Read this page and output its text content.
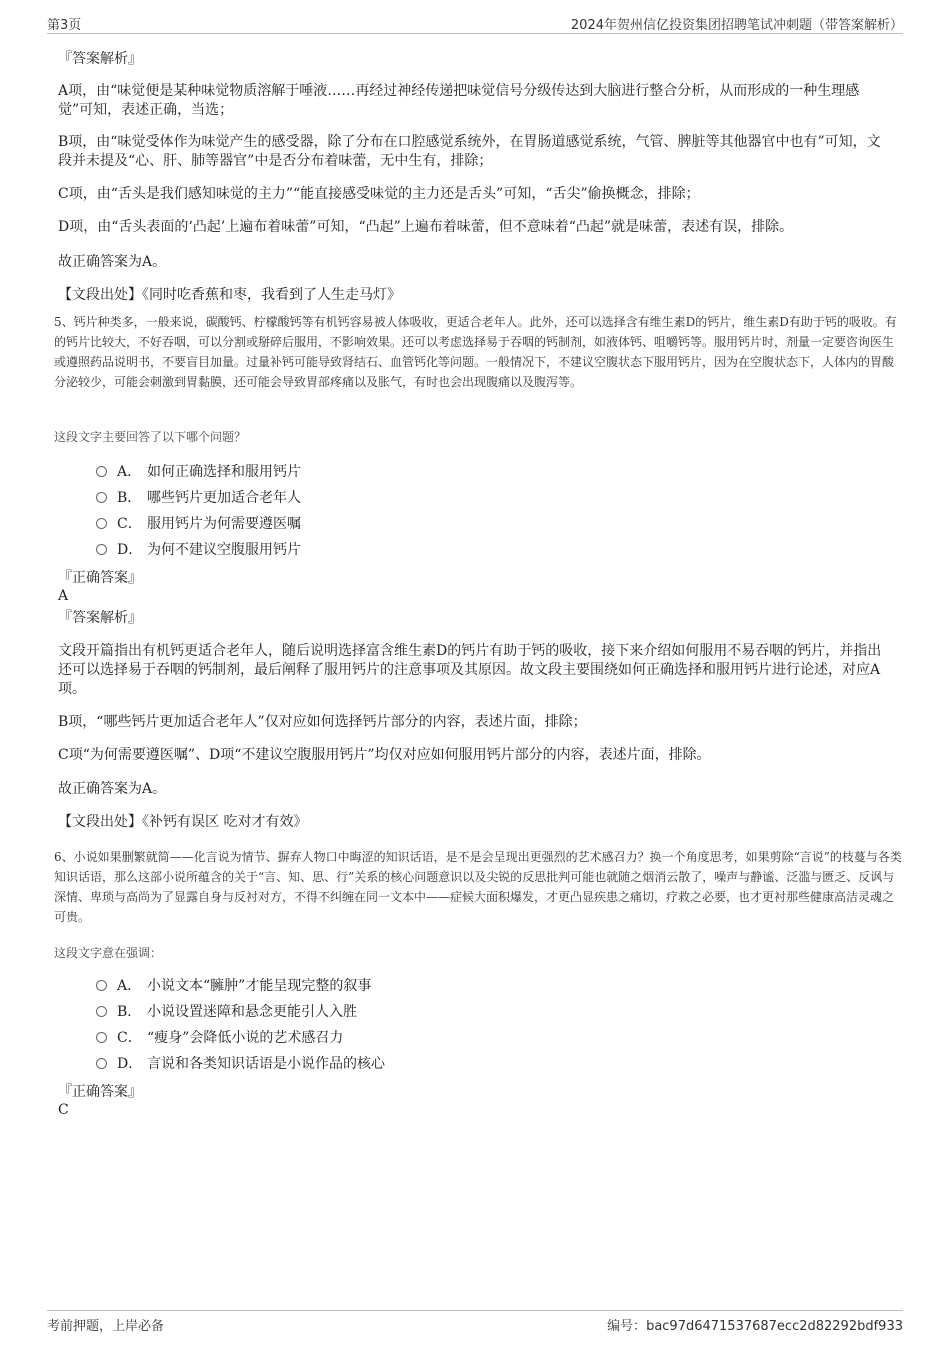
第3页	2024年贺州信亿投资集团招聘笔试冲刺题（带答案解析）

『答案解析』

A项，由“味觉便是某种味觉物质溶解于唾液……再经过神经传递把味觉信号分级传达到大脑进行整合分析，从而形成的一种生理感觉”可知，表述正确，当选；

B项，由“味觉受体作为味觉产生的感受器，除了分布在口腔感觉系统外，在胃肠道感觉系统，气管、脾脏等其他器官中也有”可知，文段并未提及“心、肝、肺等器官”中是否分布着味蕾，无中生有，排除；

C项，由“舌头是我们感知味觉的主力”“能直接感受味觉的主力还是舌头”可知，“舌尖”偷换概念，排除；

D项，由“舌头表面的‘凸起’上遍布着味蕾”可知，“凸起”上遍布着味蕾，但不意味着“凸起”就是味蕾，表述有误，排除。

故正确答案为A。

【文段出处】《同时吃香蕉和枣，我看到了人生走马灯》

5、钙片种类多，一般来说，碳酸钙、柠檬酸钙等有机钙容易被人体吸收，更适合老年人。此外，还可以选择含有维生素D的钙片，维生素D有助于钙的吸收。有的钙片比较大，不好吞咽，可以分割或掰碎后服用，不影响效果。还可以考虑选择易于吞咽的钙制剂，如液体钙、咀嚼钙等。服用钙片时，剂量一定要咨询医生或遵照药品说明书，不要盲目加量。过量补钙可能导致肾结石、血管钙化等问题。一般情况下，不建议空腹状态下服用钙片，因为在空腹状态下，人体内的胃酸分泌较少，可能会刺激到胃黏膜，还可能会导致胃部疼痛以及胀气，有时也会出现腹痛以及腹泻等。

这段文字主要回答了以下哪个问题？

A． 如何正确选择和服用钙片
B． 哪些钙片更加适合老年人
C． 服用钙片为何需要遵医嘱
D． 为何不建议空腹服用钙片

『正确答案』

A

『答案解析』

文段开篇指出有机钙更适合老年人，随后说明选择富含维生素D的钙片有助于钙的吸收，接下来介绍如何服用不易吞咽的钙片，并指出还可以选择易于吞咽的钙制剂，最后阐释了服用钙片的注意事项及其原因。故文段主要围绕如何正确选择和服用钙片进行论述，对应A项。

B项，“哪些钙片更加适合老年人”仅对应如何选择钙片部分的内容，表述片面，排除；

C项“为何需要遵医嘱”、D项“不建议空腹服用钙片”均仅对应如何服用钙片部分的内容，表述片面，排除。

故正确答案为A。

【文段出处】《补钙有误区 吃对才有效》

6、小说如果删繁就简——化言说为情节、摒弃人物口中晦涩的知识话语，是不是会呈现出更强烈的艺术感召力？换一个角度思考，如果剪除“言说”的枝蔓与各类知识话语，那么这部小说所蕴含的关于“言、知、思、行”关系的核心问题意识以及尖锐的反思批判可能也就随之烟消云散了，噪声与静谧、泛滥与匮乏、反讽与深情、卑琐与高尚为了显露自身与反衬对方，不得不纠缠在同一文本中——症候大面积爆发，才更凸显疾患之痛切，疗救之必要，也才更衬那些健康高洁灵魂之可贵。

这段文字意在强调：

A． 小说文本“臃肿”才能呈现完整的叙事
B． 小说设置迷障和悬念更能引人入胜
C． “瘦身”会降低小说的艺术感召力
D． 言说和各类知识话语是小说作品的核心

『正确答案』

C

考前押题，上岸必备	编号：bac97d6471537687ecc2d82292bdf933
